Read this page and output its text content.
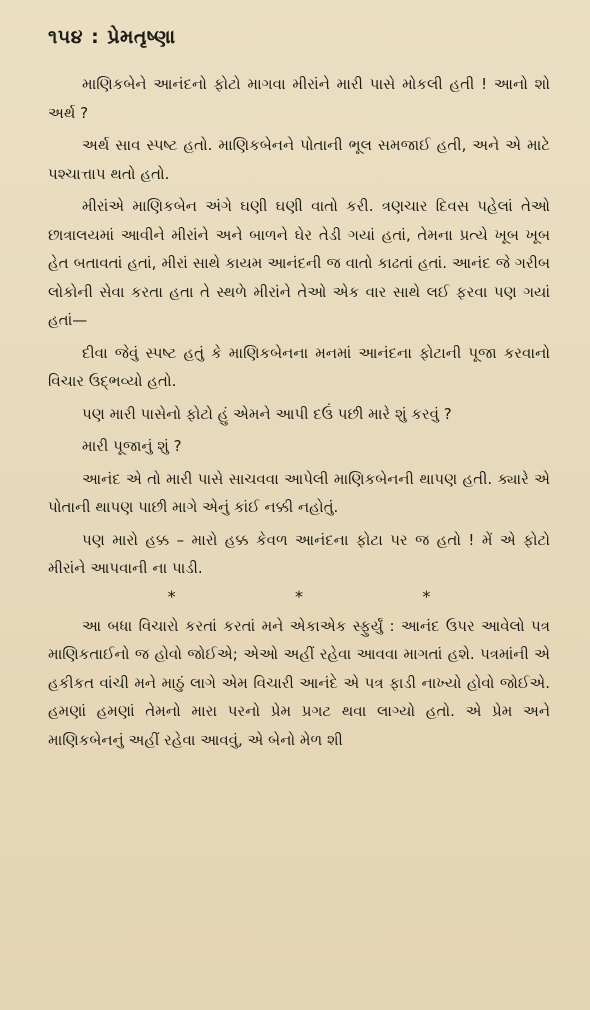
૧૫૪ : પ્રેમતૃષ્ણા

માણિકબેને આનંદનો ફોટો માગવા મીરાંને મારી પાસે મોકલી હતી ! આનો શો અર્થ ?

અર્થ સાવ સ્પષ્ટ હતો. માણિકબેનને પોતાની ભૂલ સમજાઈ હતી, અને એ માટે પશ્ચાત્તાપ થતો હતો.

મીરાંએ માણિકબેન અંગે ઘણી ઘણી વાતો કરી. ત્રણચાર દિવસ પહેલાં તેઓ છાત્રાલયમાં આવીને મીરાંને અને બાળને ઘેર તેડી ગયાં હતાં, તેમના પ્રત્યે ખૂબ ખૂબ હેત બતાવતાં હતાં, મીરાં સાથે કાયમ આનંદની જ વાતો કાઢતાં હતાં. આનંદ જે ગરીબ લોકોની સેવા કરતા હતા તે સ્થળે મીરાંને તેઓ એક વાર સાથે લઈ ફરવા પણ ગયાં હતાં—

દીવા જેવું સ્પષ્ટ હતું કે માણિકબેનના મનમાં આનંદના ફોટાની પૂજા કરવાનો વિચાર ઉદ્ભવ્યો હતો.

પણ મારી પાસેનો ફોટો હું એમને આપી દઉં પછી મારે શું કરવું ?

મારી પૂજાનું શું ?

આનંદ એ તો મારી પાસે સાચવવા આપેલી માણિકબેનની થાપણ હતી. ક્યારે એ પોતાની થાપણ પાછી માગે એનું કાંઈ નક્કી નહોતું.

પણ મારો હક્ક – મારો હક્ક કેવળ આનંદના ફોટા પર જ હતો ! મેં એ ફોટો મીરાંને આપવાની ના પાડી.

*	*	*

આ બધા વિચારો કરતાં કરતાં મને એકાએક સ્ફુર્યું : આનંદ ઉપર આવેલો પત્ર માણિકતાઈનો જ હોવો જોઈએ; એઓ અહીં રહેવા આવવા માગતાં હશે. પત્રમાંની એ હકીકત વાંચી મને માઠું લાગે એમ વિચારી આનંદે એ પત્ર ફાડી નાખ્યો હોવો જોઈએ. હમણાં હમણાં તેમનો મારા પરનો પ્રેમ પ્રગટ થવા લાગ્યો હતો. એ પ્રેમ અને માણિકબેનનું અહીં રહેવા આવવું, એ બેનો મેળ શી
